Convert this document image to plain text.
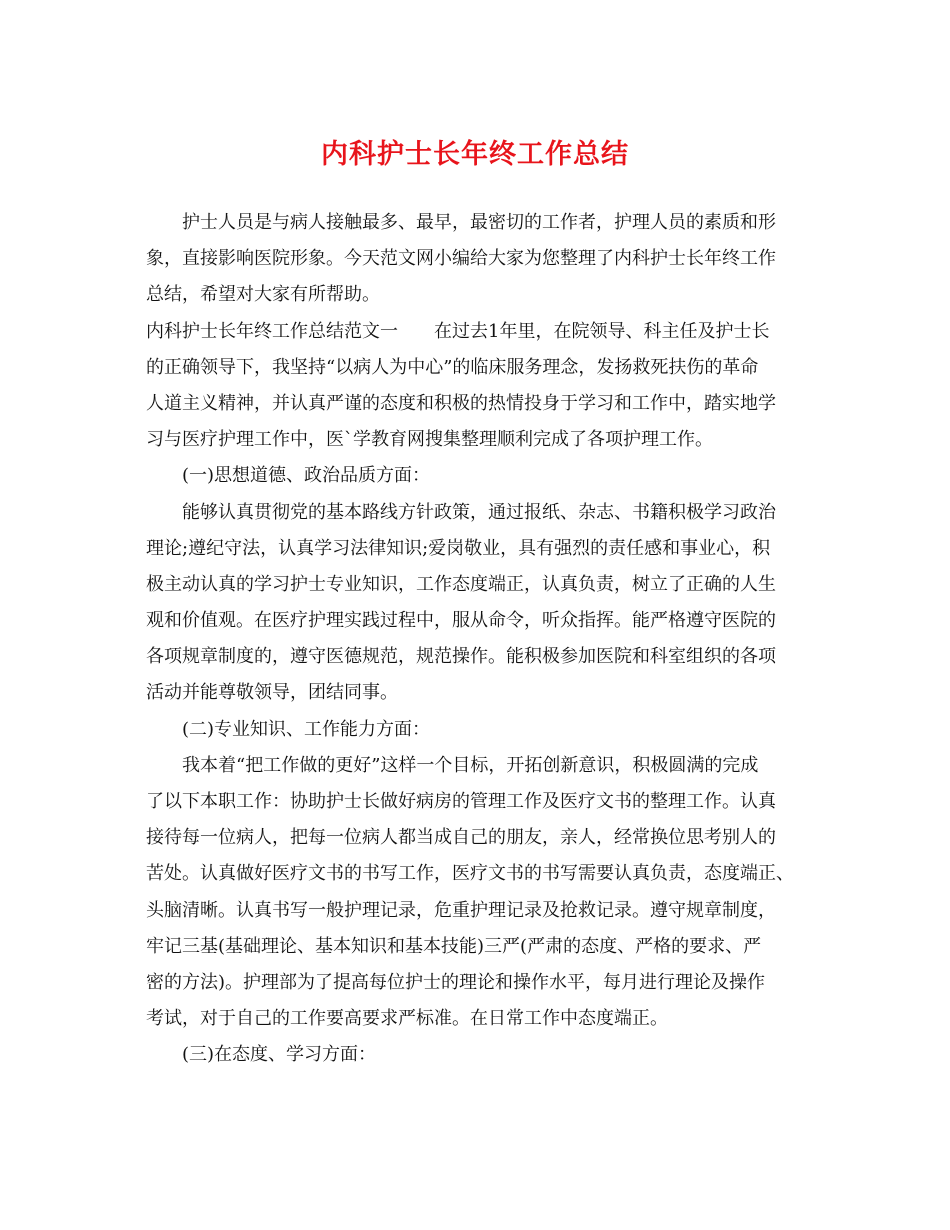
内科护士长年终工作总结
护士人员是与病人接触最多、最早，最密切的工作者，护理人员的素质和形
象，直接影响医院形象。今天范文网小编给大家为您整理了内科护士长年终工作
总结，希望对大家有所帮助。
内科护士长年终工作总结范文一　　在过去1年里，在院领导、科主任及护士长
的正确领导下，我坚持“以病人为中心”的临床服务理念，发扬救死扶伤的革命
人道主义精神，并认真严谨的态度和积极的热情投身于学习和工作中，踏实地学
习与医疗护理工作中，医`学教育网搜集整理顺利完成了各项护理工作。
(一)思想道德、政治品质方面：
能够认真贯彻党的基本路线方针政策，通过报纸、杂志、书籍积极学习政治
理论;遵纪守法，认真学习法律知识;爱岗敬业，具有强烈的责任感和事业心，积
极主动认真的学习护士专业知识，工作态度端正，认真负责，树立了正确的人生
观和价值观。在医疗护理实践过程中，服从命令，听众指挥。能严格遵守医院的
各项规章制度的，遵守医德规范，规范操作。能积极参加医院和科室组织的各项
活动并能尊敬领导，团结同事。
(二)专业知识、工作能力方面：
我本着“把工作做的更好”这样一个目标，开拓创新意识，积极圆满的完成
了以下本职工作：协助护士长做好病房的管理工作及医疗文书的整理工作。认真
接待每一位病人，把每一位病人都当成自己的朋友，亲人，经常换位思考别人的
苦处。认真做好医疗文书的书写工作，医疗文书的书写需要认真负责，态度端正、
头脑清晰。认真书写一般护理记录，危重护理记录及抢救记录。遵守规章制度，
牢记三基(基础理论、基本知识和基本技能)三严(严肃的态度、严格的要求、严
密的方法)。护理部为了提高每位护士的理论和操作水平，每月进行理论及操作
考试，对于自己的工作要高要求严标准。在日常工作中态度端正。
(三)在态度、学习方面：
